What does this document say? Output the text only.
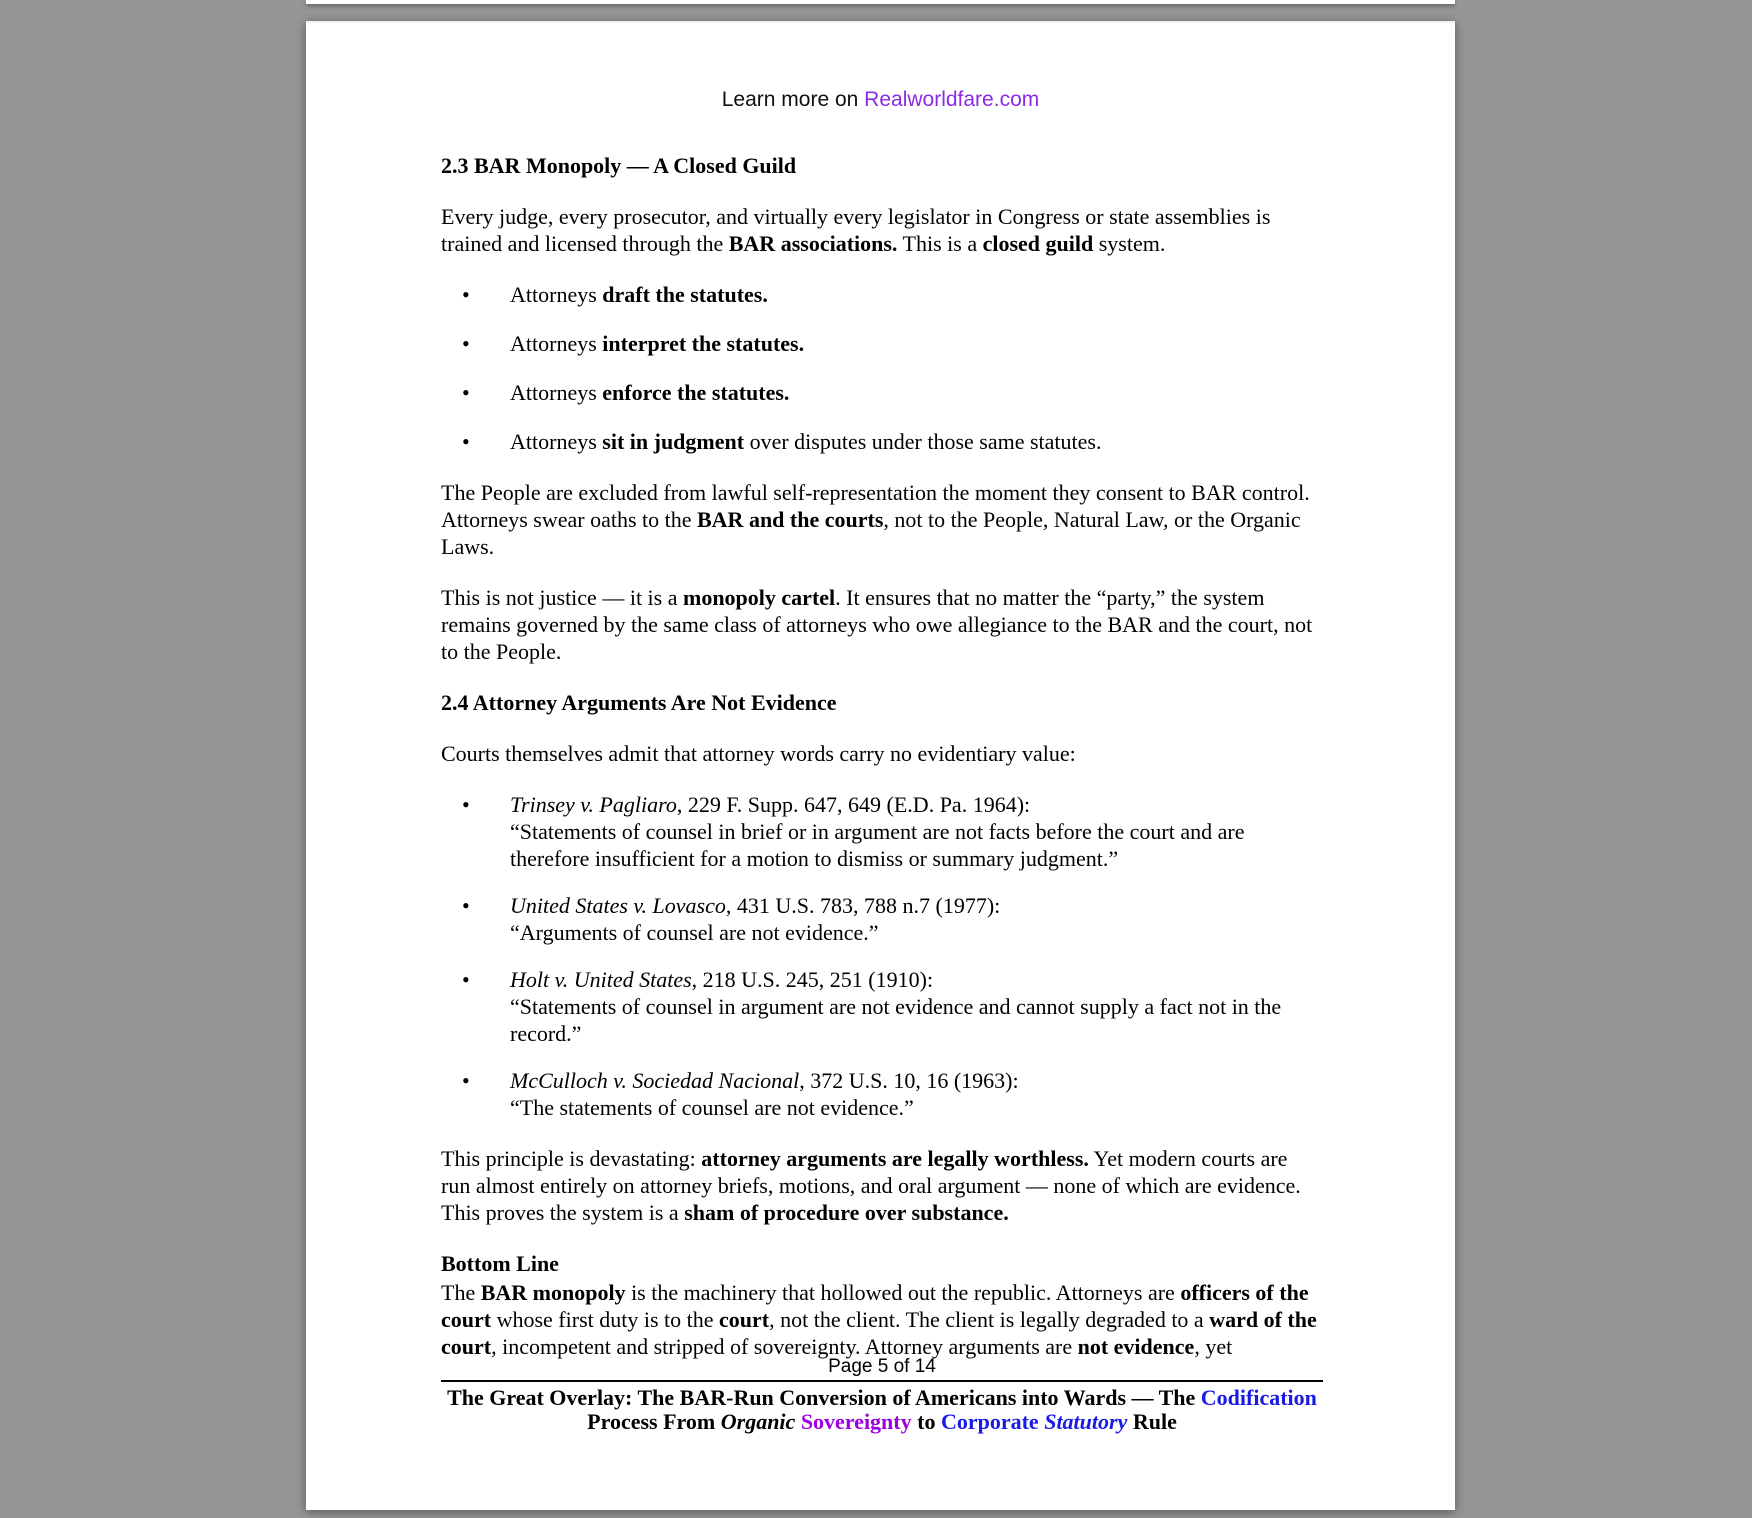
Learn more on Realworldfare.com
2.3 BAR Monopoly — A Closed Guild
Every judge, every prosecutor, and virtually every legislator in Congress or state assemblies is trained and licensed through the BAR associations. This is a closed guild system.
• Attorneys draft the statutes.
• Attorneys interpret the statutes.
• Attorneys enforce the statutes.
• Attorneys sit in judgment over disputes under those same statutes.
The People are excluded from lawful self-representation the moment they consent to BAR control. Attorneys swear oaths to the BAR and the courts, not to the People, Natural Law, or the Organic Laws.
This is not justice — it is a monopoly cartel. It ensures that no matter the “party,” the system remains governed by the same class of attorneys who owe allegiance to the BAR and the court, not to the People.
2.4 Attorney Arguments Are Not Evidence
Courts themselves admit that attorney words carry no evidentiary value:
• Trinsey v. Pagliaro, 229 F. Supp. 647, 649 (E.D. Pa. 1964):
“Statements of counsel in brief or in argument are not facts before the court and are therefore insufficient for a motion to dismiss or summary judgment.”
• United States v. Lovasco, 431 U.S. 783, 788 n.7 (1977):
“Arguments of counsel are not evidence.”
• Holt v. United States, 218 U.S. 245, 251 (1910):
“Statements of counsel in argument are not evidence and cannot supply a fact not in the record.”
• McCulloch v. Sociedad Nacional, 372 U.S. 10, 16 (1963):
“The statements of counsel are not evidence.”
This principle is devastating: attorney arguments are legally worthless. Yet modern courts are run almost entirely on attorney briefs, motions, and oral argument — none of which are evidence. This proves the system is a sham of procedure over substance.
Bottom Line
The BAR monopoly is the machinery that hollowed out the republic. Attorneys are officers of the court whose first duty is to the court, not the client. The client is legally degraded to a ward of the court, incompetent and stripped of sovereignty. Attorney arguments are not evidence, yet
Page 5 of 14
The Great Overlay: The BAR-Run Conversion of Americans into Wards — The Codification
Process From Organic Sovereignty to Corporate Statutory Rule
